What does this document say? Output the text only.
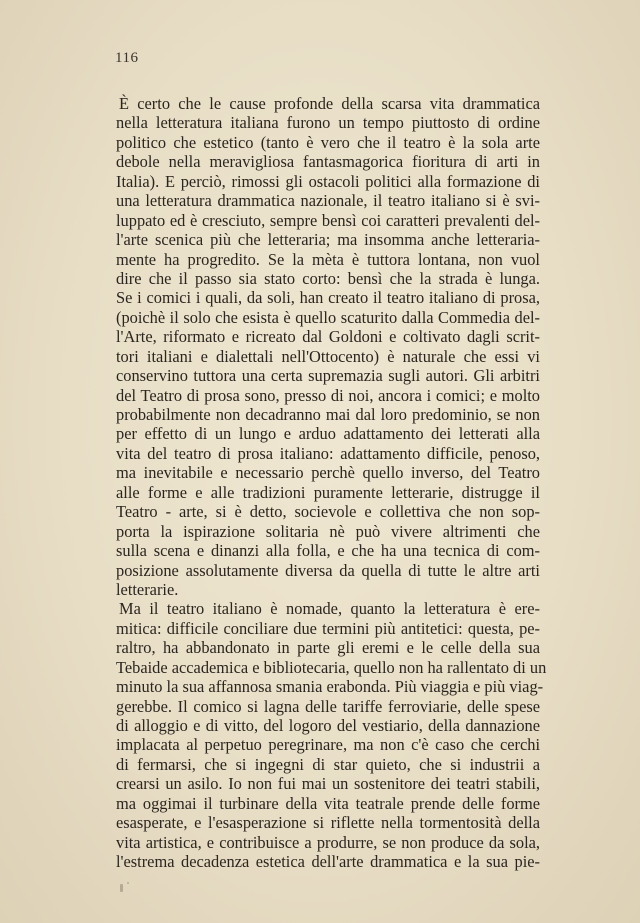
116
È certo che le cause profonde della scarsa vita drammatica
nella letteratura italiana furono un tempo piuttosto di ordine
politico che estetico (tanto è vero che il teatro è la sola arte
debole nella meravigliosa fantasmagorica fioritura di arti in
Italia). E perciò, rimossi gli ostacoli politici alla formazione di
una letteratura drammatica nazionale, il teatro italiano si è svi-
luppato ed è cresciuto, sempre bensì coi caratteri prevalenti del-
l'arte scenica più che letteraria; ma insomma anche letteraria-
mente ha progredito. Se la mèta è tuttora lontana, non vuol
dire che il passo sia stato corto: bensì che la strada è lunga.
Se i comici i quali, da soli, han creato il teatro italiano di prosa,
(poichè il solo che esista è quello scaturito dalla Commedia del-
l'Arte, riformato e ricreato dal Goldoni e coltivato dagli scrit-
tori italiani e dialettali nell'Ottocento) è naturale che essi vi
conservino tuttora una certa supremazia sugli autori. Gli arbitri
del Teatro di prosa sono, presso di noi, ancora i comici; e molto
probabilmente non decadranno mai dal loro predominio, se non
per effetto di un lungo e arduo adattamento dei letterati alla
vita del teatro di prosa italiano: adattamento difficile, penoso,
ma inevitabile e necessario perchè quello inverso, del Teatro
alle forme e alle tradizioni puramente letterarie, distrugge il
Teatro - arte, si è detto, socievole e collettiva che non sop-
porta la ispirazione solitaria nè può vivere altrimenti che
sulla scena e dinanzi alla folla, e che ha una tecnica di com-
posizione assolutamente diversa da quella di tutte le altre arti
letterarie.
Ma il teatro italiano è nomade, quanto la letteratura è ere-
mitica: difficile conciliare due termini più antitetici: questa, pe-
raltro, ha abbandonato in parte gli eremi e le celle della sua
Tebaide accademica e bibliotecaria, quello non ha rallentato di un
minuto la sua affannosa smania erabonda. Più viaggia e più viag-
gerebbe. Il comico si lagna delle tariffe ferroviarie, delle spese
di alloggio e di vitto, del logoro del vestiario, della dannazione
implacata al perpetuo peregrinare, ma non c'è caso che cerchi
di fermarsi, che si ingegni di star quieto, che si industrii a
crearsi un asilo. Io non fui mai un sostenitore dei teatri stabili,
ma oggimai il turbinare della vita teatrale prende delle forme
esasperate, e l'esasperazione si riflette nella tormentosità della
vita artistica, e contribuisce a produrre, se non produce da sola,
l'estrema decadenza estetica dell'arte drammatica e la sua pie-
